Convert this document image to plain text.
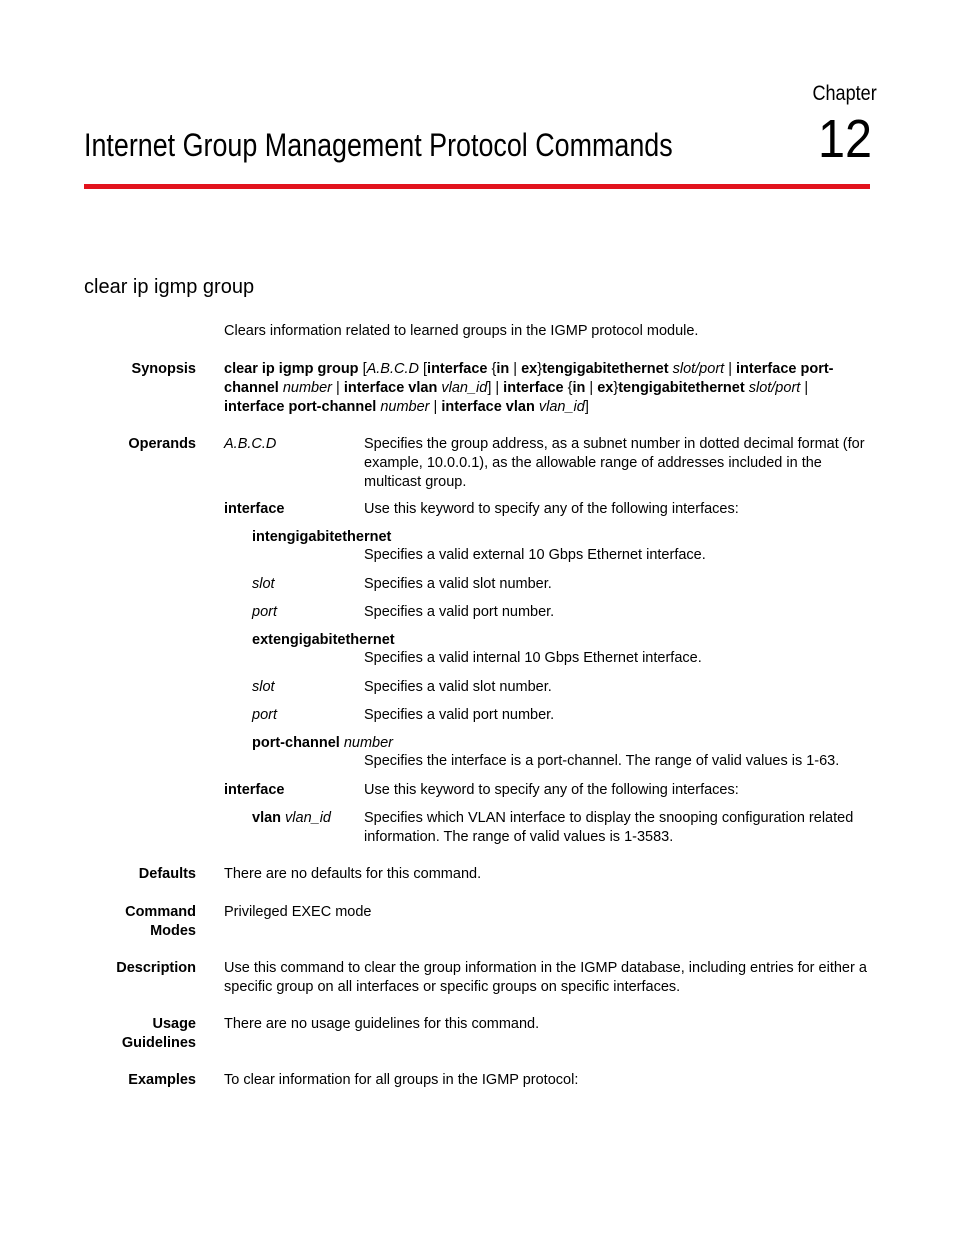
Chapter
12
Internet Group Management Protocol Commands
clear ip igmp group
Clears information related to learned groups in the IGMP protocol module.
Synopsis clear ip igmp group [A.B.C.D [interface {in | ex}tengigabitethernet slot/port | interface port-channel number | interface vlan vlan_id] | interface {in | ex}tengigabitethernet slot/port | interface port-channel number | interface vlan vlan_id]
Operands A.B.C.D	Specifies the group address, as a subnet number in dotted decimal format (for example, 10.0.0.1), as the allowable range of addresses included in the multicast group.
interface	Use this keyword to specify any of the following interfaces:
intengigabitethernet
Specifies a valid external 10 Gbps Ethernet interface.
slot	Specifies a valid slot number.
port	Specifies a valid port number.
extengigabitethernet
Specifies a valid internal 10 Gbps Ethernet interface.
slot	Specifies a valid slot number.
port	Specifies a valid port number.
port-channel number
Specifies the interface is a port-channel. The range of valid values is 1-63.
interface	Use this keyword to specify any of the following interfaces:
vlan vlan_id Specifies which VLAN interface to display the snooping configuration related information. The range of valid values is 1-3583.
Defaults There are no defaults for this command.
Command
Modes
Privileged EXEC mode
Description Use this command to clear the group information in the IGMP database, including entries for either a specific group on all interfaces or specific groups on specific interfaces.
Usage
Guidelines
There are no usage guidelines for this command.
Examples To clear information for all groups in the IGMP protocol:
